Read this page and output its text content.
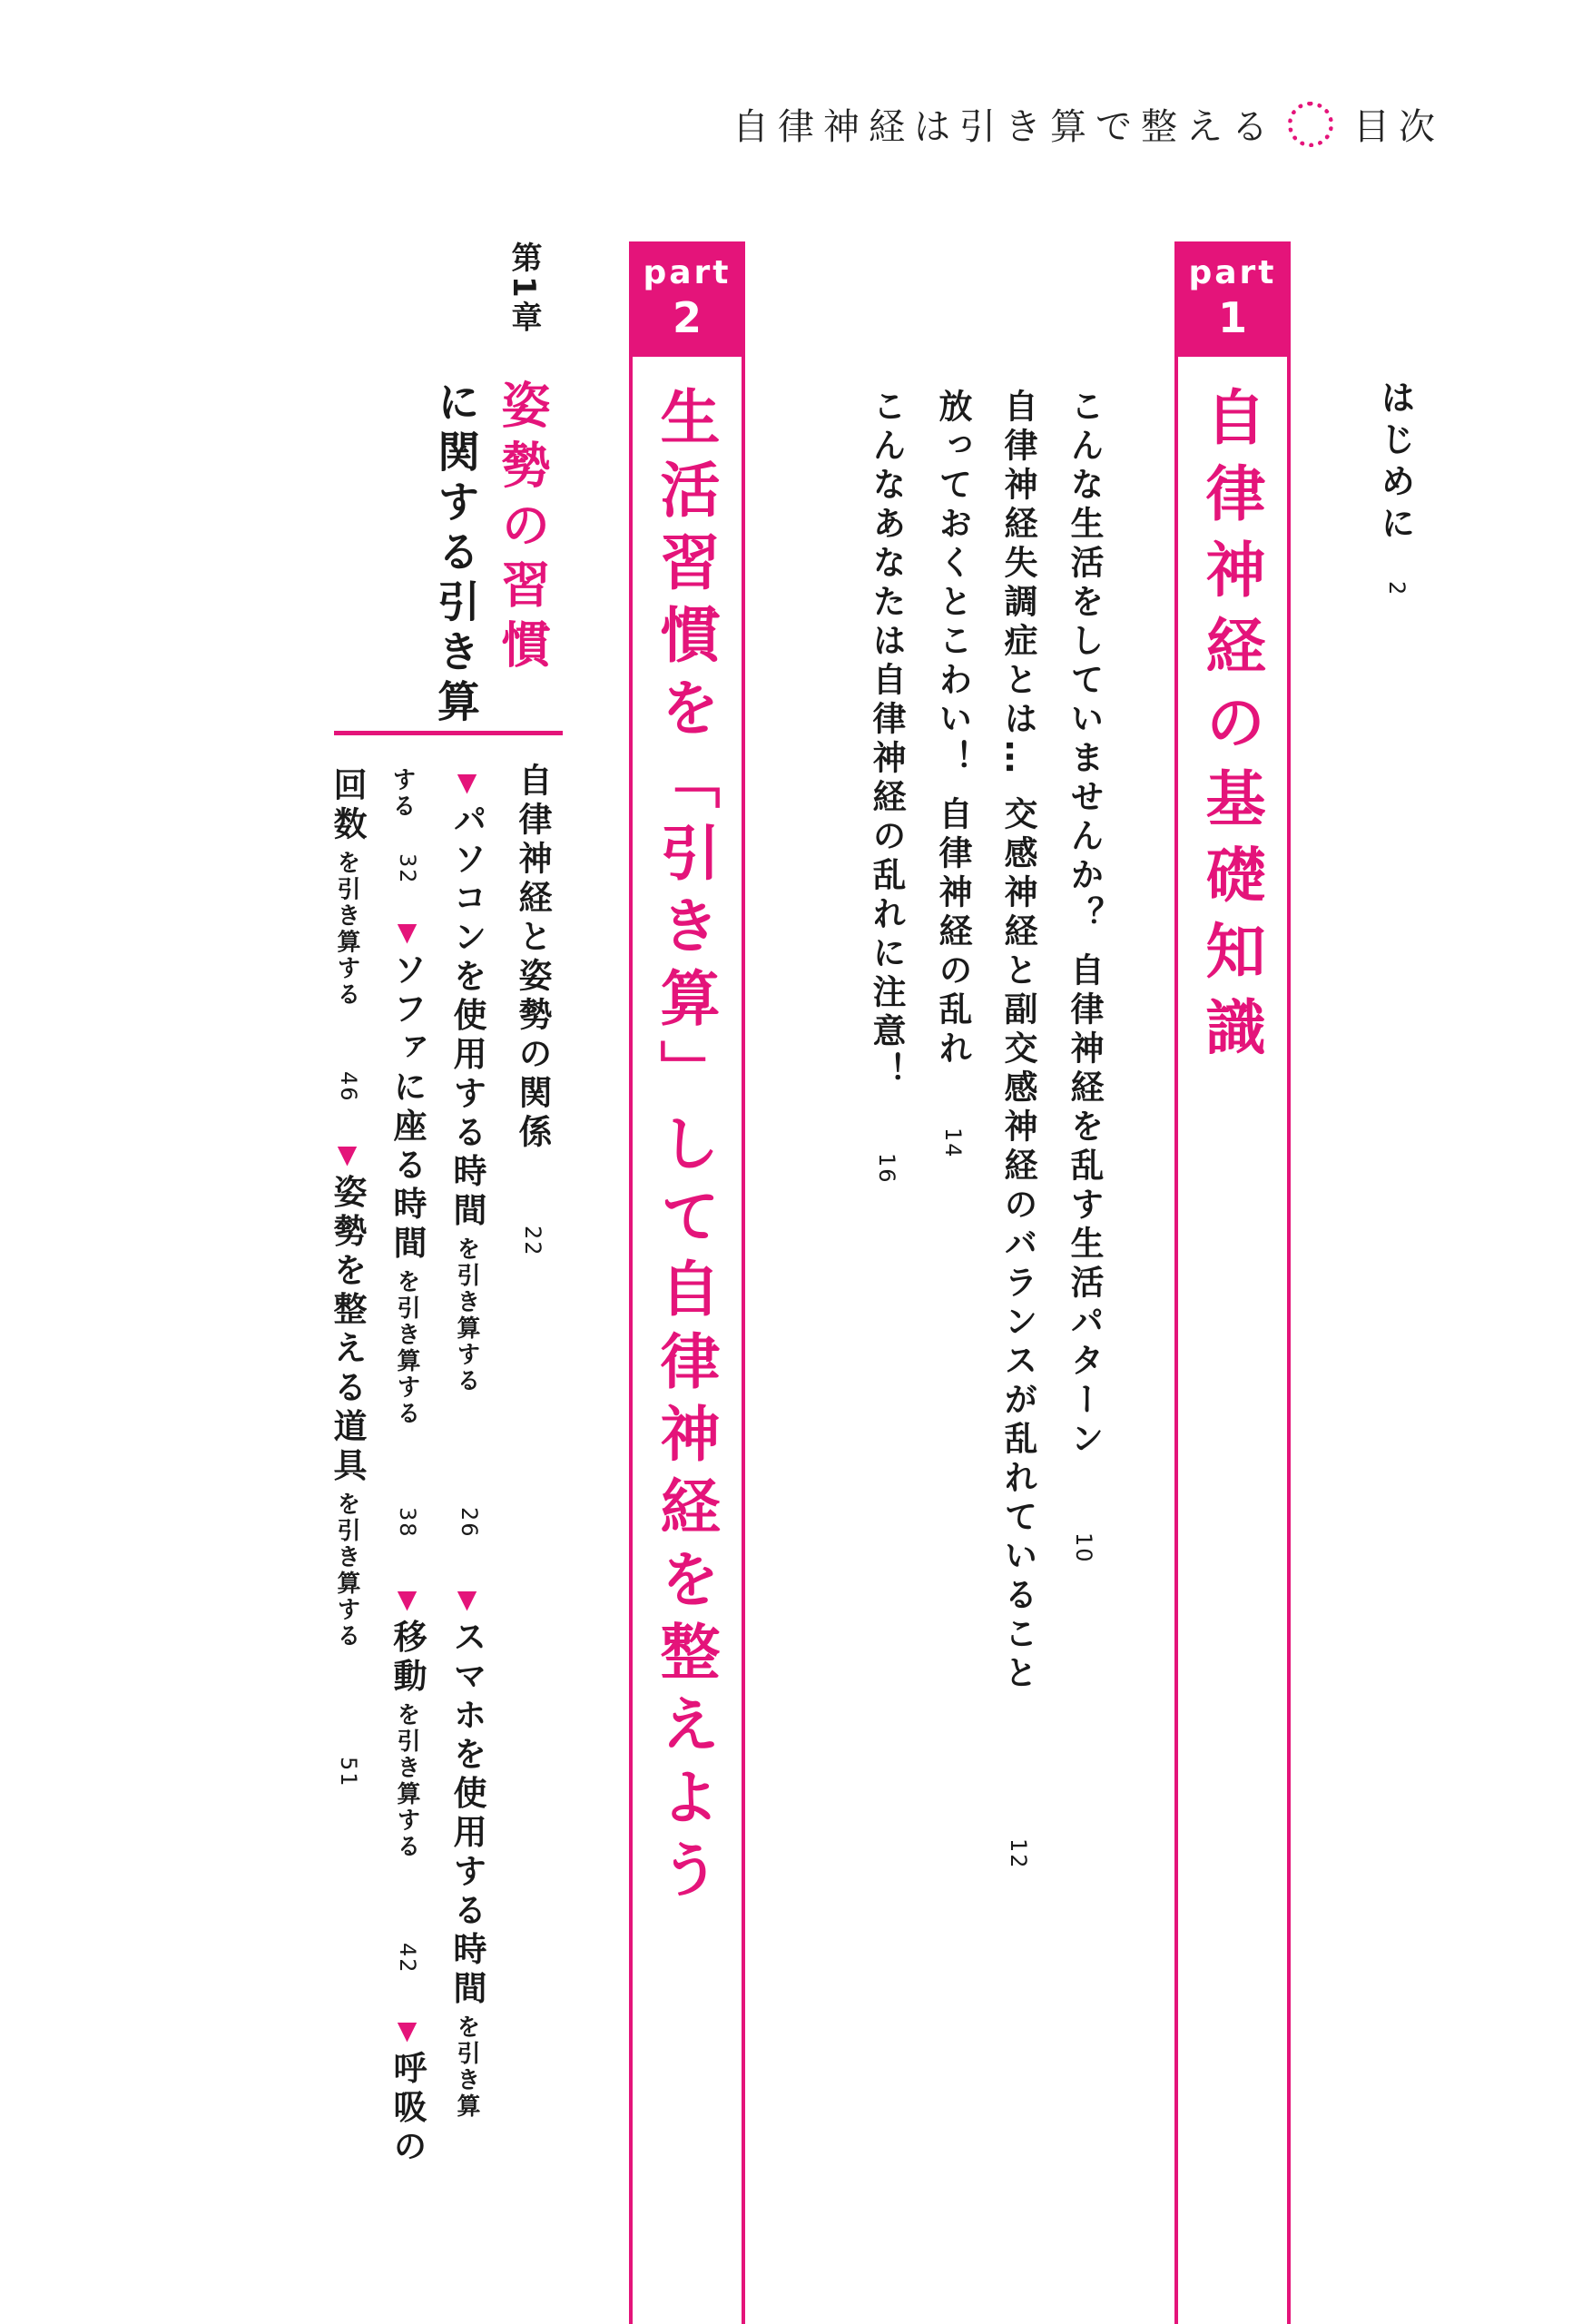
自律神経は引き算で整える 目次
はじめに
2
part
1
自律神経の基礎知識
こんな生活をしていませんか？ 自律神経を乱す生活パターン
10
自律神経失調症とは… 交感神経と副交感神経のバランスが乱れていること
12
放っておくとこわい！ 自律神経の乱れ
14
こんなあなたは自律神経の乱れに注意！
16
part
2
生活習慣を「引き算」して自律神経を整えよう
第1章
姿勢の習慣
に関する引き算
自律神経と姿勢の関係
22
▼ パソコンを使用する時間 を引き算する
26
▼ スマホを使用する時間 を引き算
する
32
▼ ソファに座る時間 を引き算する
38
▼ 移動 を引き算する
42
▼ 呼吸の
回数 を引き算する
46
▼ 姿勢を整える道具 を引き算する
51
